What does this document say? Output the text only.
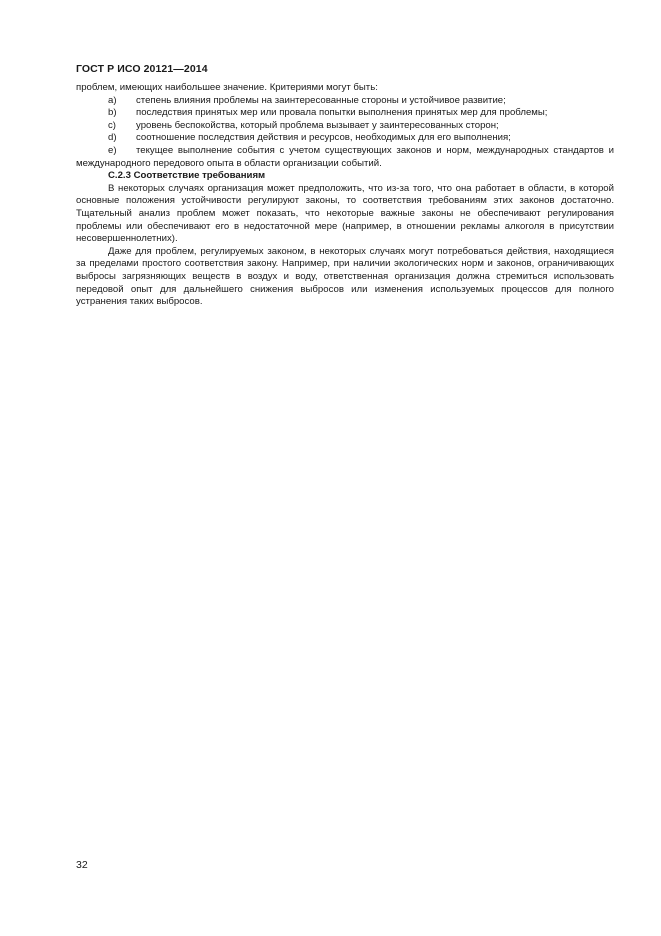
ГОСТ Р ИСО 20121—2014

проблем, имеющих наибольшее значение. Критериями могут быть:

a)	степень влияния проблемы на заинтересованные стороны и устойчивое развитие;
b)	последствия принятых мер или провала попытки выполнения принятых мер для проблемы;
c)	уровень беспокойства, который проблема вызывает у заинтересованных сторон;
d)	соотношение последствия действия и ресурсов, необходимых для его выполнения;

e) текущее выполнение события с учетом существующих законов и норм, международных стандартов и международного передового опыта в области организации событий.

С.2.3 Соответствие требованиям

В некоторых случаях организация может предположить, что из-за того, что она работает в области, в которой основные положения устойчивости регулируют законы, то соответствия требованиям этих законов достаточно. Тщательный анализ проблем может показать, что некоторые важные законы не обеспечивают регулирования проблемы или обеспечивают его в недостаточной мере (например, в отношении рекламы алкоголя в присутствии несовершеннолетних).

Даже для проблем, регулируемых законом, в некоторых случаях могут потребоваться действия, находящиеся за пределами простого соответствия закону. Например, при наличии экологических норм и законов, ограничивающих выбросы загрязняющих веществ в воздух и воду, ответственная организация должна стремиться использовать передовой опыт для дальнейшего снижения выбросов или изменения используемых процессов для полного устранения таких выбросов.

32
